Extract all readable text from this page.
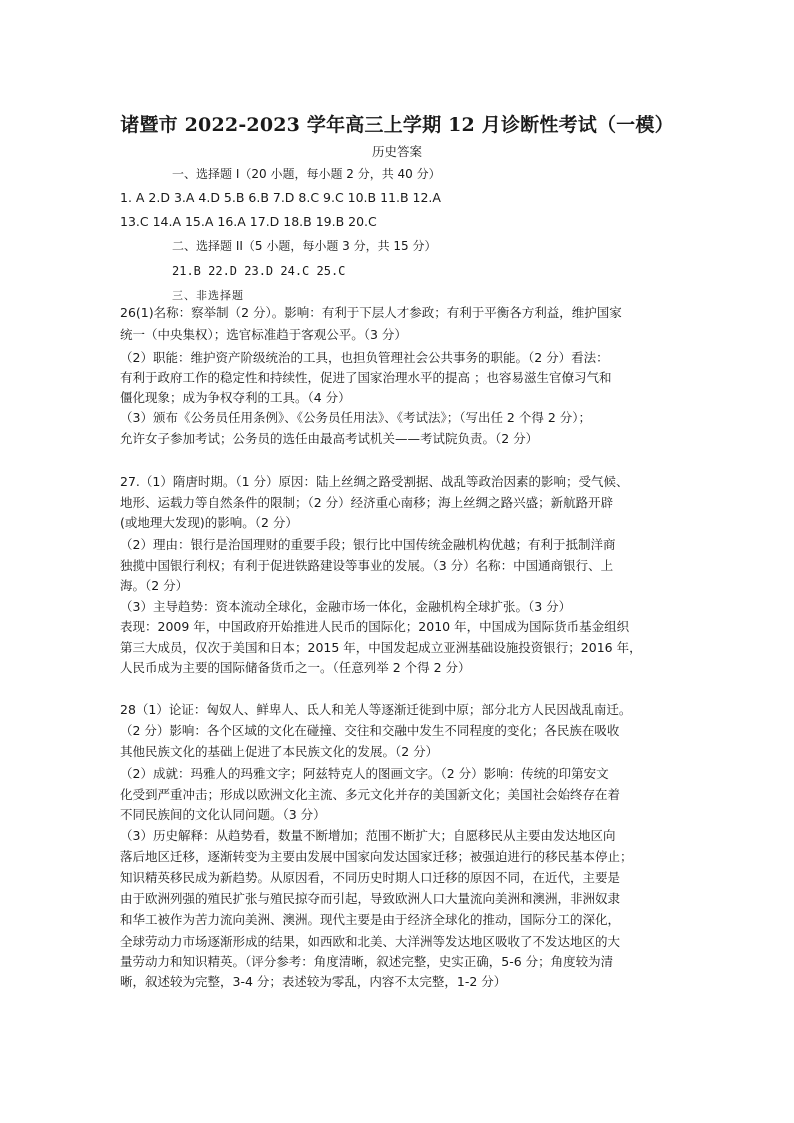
诸暨市 2022-2023 学年高三上学期 12 月诊断性考试（一模）
历史答案
一、选择题 I（20 小题，每小题 2 分，共 40 分）
1. A 2.D 3.A 4.D 5.B 6.B 7.D 8.C 9.C 10.B 11.B 12.A
13.C 14.A 15.A 16.A 17.D 18.B 19.B 20.C
二、选择题 II（5 小题，每小题 3 分，共 15 分）
21.B 22.D 23.D 24.C 25.C
三、非选择题
26(1)名称：察举制（2 分）。影响：有利于下层人才参政；有利于平衡各方利益，维护国家
统一（中央集权）；选官标准趋于客观公平。（3 分）
（2）职能：维护资产阶级统治的工具，也担负管理社会公共事务的职能。（2 分）看法：
有利于政府工作的稳定性和持续性，促进了国家治理水平的提高 ；也容易滋生官僚习气和
僵化现象；成为争权夺利的工具。（4 分）
（3）颁布《公务员任用条例》、《公务员任用法》、《考试法》；（写出任 2 个得 2 分）；
允许女子参加考试；公务员的选任由最高考试机关——考试院负责。（2 分）
27.（1）隋唐时期。（1 分）原因：陆上丝绸之路受割据、战乱等政治因素的影响；受气候、
地形、运载力等自然条件的限制；（2 分）经济重心南移；海上丝绸之路兴盛；新航路开辟
(或地理大发现)的影响。（2 分）
（2）理由：银行是治国理财的重要手段；银行比中国传统金融机构优越；有利于抵制洋商
独揽中国银行利权；有利于促进铁路建设等事业的发展。（3 分）名称：中国通商银行、上
海。（2 分）
（3）主导趋势：资本流动全球化，金融市场一体化，金融机构全球扩张。（3 分）
表现：2009 年，中国政府开始推进人民币的国际化；2010 年，中国成为国际货币基金组织
第三大成员，仅次于美国和日本；2015 年，中国发起成立亚洲基础设施投资银行；2016 年，
人民币成为主要的国际储备货币之一。（任意列举 2 个得 2 分）
28（1）论证：匈奴人、鲜卑人、氐人和羌人等逐渐迁徙到中原；部分北方人民因战乱南迁。
（2 分）影响：各个区域的文化在碰撞、交往和交融中发生不同程度的变化；各民族在吸收
其他民族文化的基础上促进了本民族文化的发展。（2 分）
（2）成就：玛雅人的玛雅文字；阿兹特克人的图画文字。（2 分）影响：传统的印第安文
化受到严重冲击；形成以欧洲文化主流、多元文化并存的美国新文化；美国社会始终存在着
不同民族间的文化认同问题。（3 分）
（3）历史解释：从趋势看，数量不断增加；范围不断扩大；自愿移民从主要由发达地区向
落后地区迁移，逐渐转变为主要由发展中国家向发达国家迁移；被强迫进行的移民基本停止；
知识精英移民成为新趋势。从原因看，不同历史时期人口迁移的原因不同，在近代，主要是
由于欧洲列强的殖民扩张与殖民掠夺而引起，导致欧洲人口大量流向美洲和澳洲，非洲奴隶
和华工被作为苦力流向美洲、澳洲。现代主要是由于经济全球化的推动，国际分工的深化，
全球劳动力市场逐渐形成的结果，如西欧和北美、大洋洲等发达地区吸收了不发达地区的大
量劳动力和知识精英。（评分参考：角度清晰，叙述完整，史实正确，5-6 分；角度较为清
晰，叙述较为完整，3-4 分；表述较为零乱，内容不太完整，1-2 分）
